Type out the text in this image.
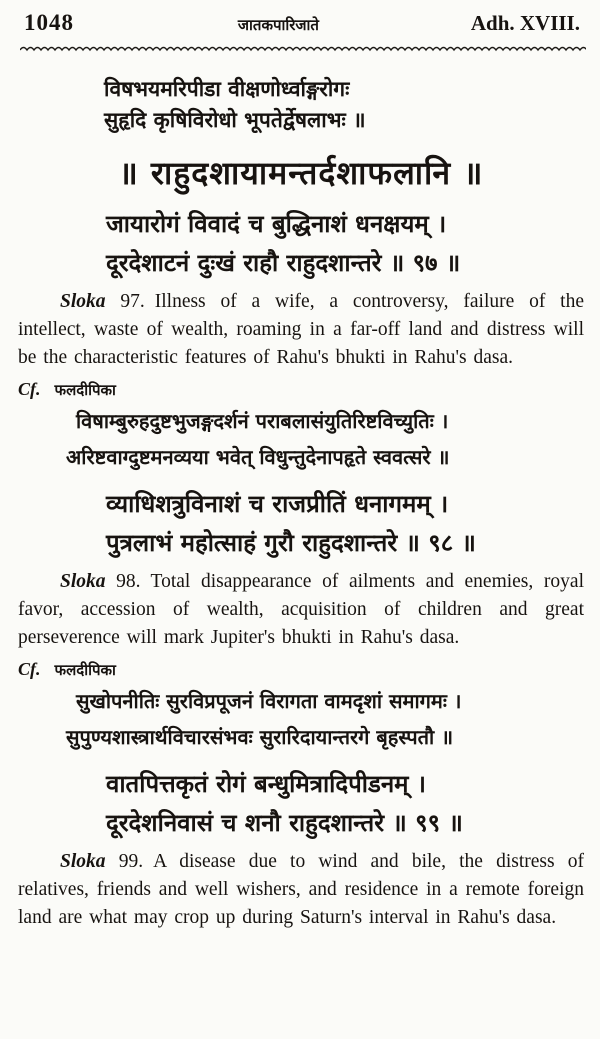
1048	जातकपारिजाते	Adh. XVIII.
विषभयमरिपीडा वीक्षणोर्ध्वाङ्गरोगः
सुहृदि कृषिविरोधो भूपतेर्द्वेषलाभः ॥
॥ राहुदशायामन्तर्दशाफलानि ॥
जायारोगं विवादं च बुद्धिनाशं धनक्षयम् ।
दूरदेशाटनं दुःखं राहौ राहुदशान्तरे ॥ ९७ ॥

Sloka 97. Illness of a wife, a controversy, failure of the intellect, waste of wealth, roaming in a far-off land and distress will be the characteristic features of Rahu's bhukti in Rahu's dasa.

Cf. फलदीपिका
विषाम्बुरुहदुष्टभुजङ्गदर्शनं पराबलासंयुतिरिष्टविच्युतिः ।
अरिष्टवाग्दुष्टमनव्यया भवेत् विधुन्तुदेनापहृते स्ववत्सरे ॥
व्याधिशत्रुविनाशं च राजप्रीतिं धनागमम् ।
पुत्रलाभं महोत्साहं गुरौ राहुदशान्तरे ॥ ९८ ॥

Sloka 98. Total disappearance of ailments and enemies, royal favor, accession of wealth, acquisition of children and great perseverence will mark Jupiter's bhukti in Rahu's dasa.

Cf. फलदीपिका
सुखोपनीतिः सुरविप्रपूजनं विरागता वामदृशां समागमः ।
सुपुण्यशास्त्रार्थविचारसंभवः सुरारिदायान्तरगे बृहस्पतौ ॥
वातपित्तकृतं रोगं बन्धुमित्रादिपीडनम् ।
दूरदेशनिवासं च शनौ राहुदशान्तरे ॥ ९९ ॥

Sloka 99. A disease due to wind and bile, the distress of relatives, friends and well wishers, and residence in a remote foreign land are what may crop up during Saturn's interval in Rahu's dasa.
